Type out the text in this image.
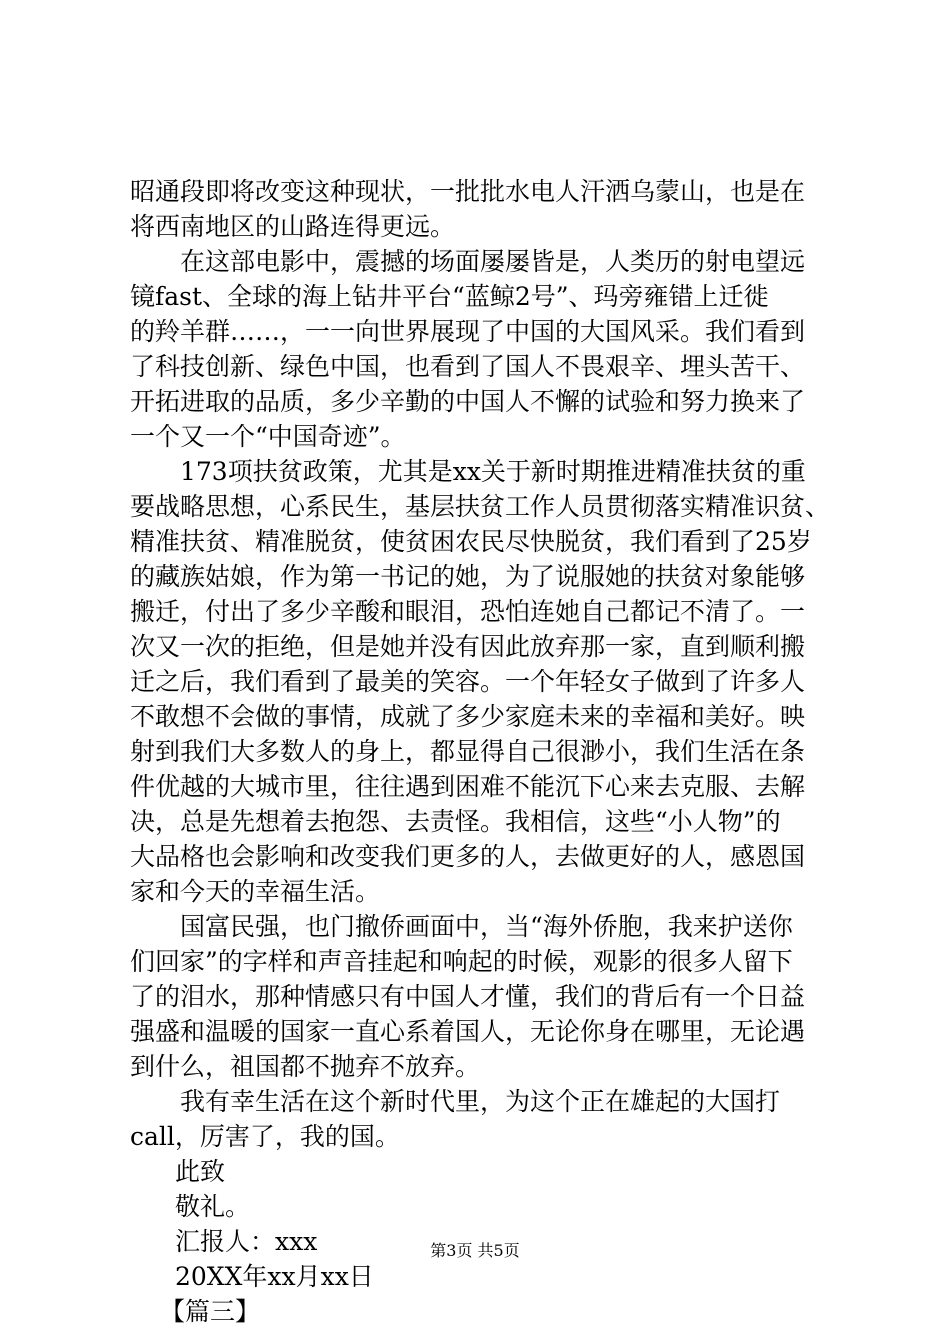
昭通段即将改变这种现状，一批批水电人汗洒乌蒙山，也是在
将西南地区的山路连得更远。

在这部电影中，震撼的场面屡屡皆是，人类历的射电望远
镜fast、全球的海上钻井平台“蓝鲸2号”、玛旁雍错上迁徙
的羚羊群……，一一向世界展现了中国的大国风采。我们看到
了科技创新、绿色中国，也看到了国人不畏艰辛、埋头苦干、
开拓进取的品质，多少辛勤的中国人不懈的试验和努力换来了
一个又一个“中国奇迹”。

173项扶贫政策，尤其是xx关于新时期推进精准扶贫的重
要战略思想，心系民生，基层扶贫工作人员贯彻落实精准识贫、
精准扶贫、精准脱贫，使贫困农民尽快脱贫，我们看到了25岁
的藏族姑娘，作为第一书记的她，为了说服她的扶贫对象能够
搬迁，付出了多少辛酸和眼泪，恐怕连她自己都记不清了。一
次又一次的拒绝，但是她并没有因此放弃那一家，直到顺利搬
迁之后，我们看到了最美的笑容。一个年轻女子做到了许多人
不敢想不会做的事情，成就了多少家庭未来的幸福和美好。映
射到我们大多数人的身上，都显得自己很渺小，我们生活在条
件优越的大城市里，往往遇到困难不能沉下心来去克服、去解
决，总是先想着去抱怨、去责怪。我相信，这些“小人物”的
大品格也会影响和改变我们更多的人，去做更好的人，感恩国
家和今天的幸福生活。

国富民强，也门撤侨画面中，当“海外侨胞，我来护送你
们回家”的字样和声音挂起和响起的时候，观影的很多人留下
了的泪水，那种情感只有中国人才懂，我们的背后有一个日益
强盛和温暖的国家一直心系着国人，无论你身在哪里，无论遇
到什么，祖国都不抛弃不放弃。

我有幸生活在这个新时代里，为这个正在雄起的大国打
call，厉害了，我的国。

此致

敬礼。

汇报人：xxx

20XX年xx月xx日

【篇三】

第3页 共5页
